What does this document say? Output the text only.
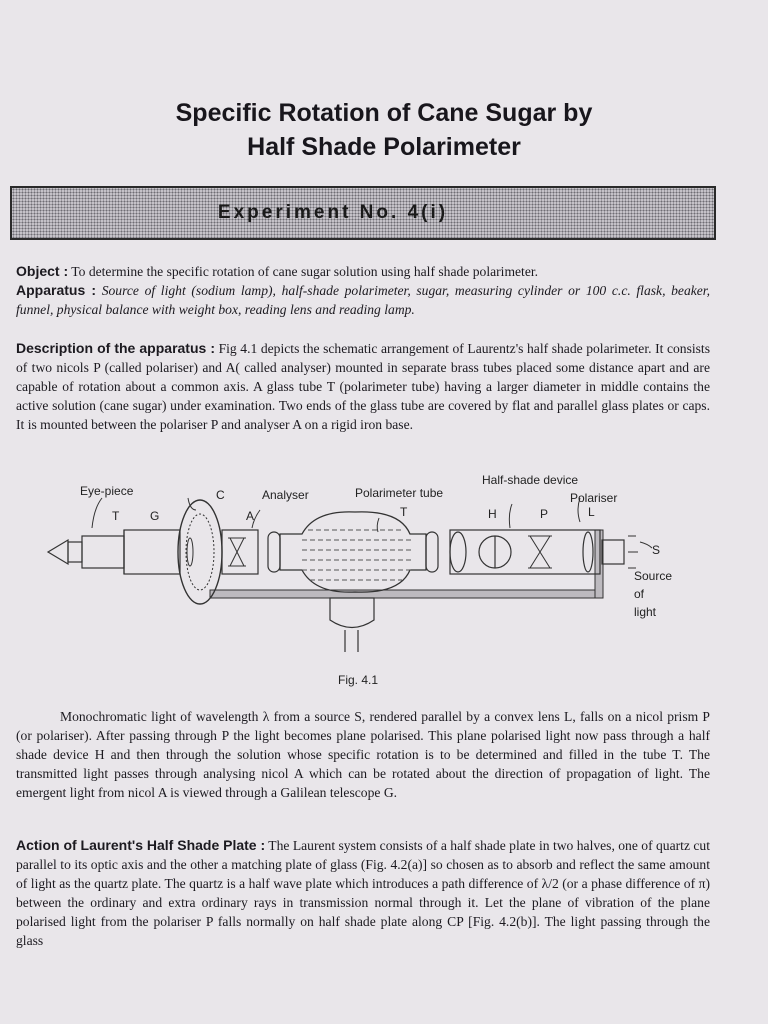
Specific Rotation of Cane Sugar by
Half Shade Polarimeter
Experiment No. 4(i)
Object : To determine the specific rotation of cane sugar solution using half shade polarimeter.
Apparatus : Source of light (sodium lamp), half-shade polarimeter, sugar, measuring cylinder or 100 c.c. flask, beaker, funnel, physical balance with weight box, reading lens and reading lamp.
Description of the apparatus : Fig 4.1 depicts the schematic arrangement of Laurentz's half shade polarimeter. It consists of two nicols P (called polariser) and A( called analyser) mounted in separate brass tubes placed some distance apart and are capable of rotation about a common axis. A glass tube T (polarimeter tube) having a larger diameter in middle contains the active solution (cane sugar) under examination. Two ends of the glass tube are covered by flat and parallel glass plates or caps. It is mounted between the polariser P and analyser A on a rigid iron base.
Eye-piece
T	G
C	Analyser
A
Polarimeter tube
T
Half-shade device
H	P
Polariser
L
S
Source
of
light
Fig. 4.1
Monochromatic light of wavelength λ from a source S, rendered parallel by a convex lens L, falls on a nicol prism P (or polariser). After passing through P the light becomes plane polarised. This plane polarised light now pass through a half shade device H and then through the solution whose specific rotation is to be determined and filled in the tube T. The transmitted light passes through analysing nicol A which can be rotated about the direction of propagation of light. The emergent light from nicol A is viewed through a Galilean telescope G.
Action of Laurent's Half Shade Plate : The Laurent system consists of a half shade plate in two halves, one of quartz cut parallel to its optic axis and the other a matching plate of glass (Fig. 4.2(a)] so chosen as to absorb and reflect the same amount of light as the quartz plate. The quartz is a half wave plate which introduces a path difference of λ/2 (or a phase difference of π) between the ordinary and extra ordinary rays in transmission normal through it. Let the plane of vibration of the plane polarised light from the polariser P falls normally on half shade plate along CP [Fig. 4.2(b)]. The light passing through the glass
